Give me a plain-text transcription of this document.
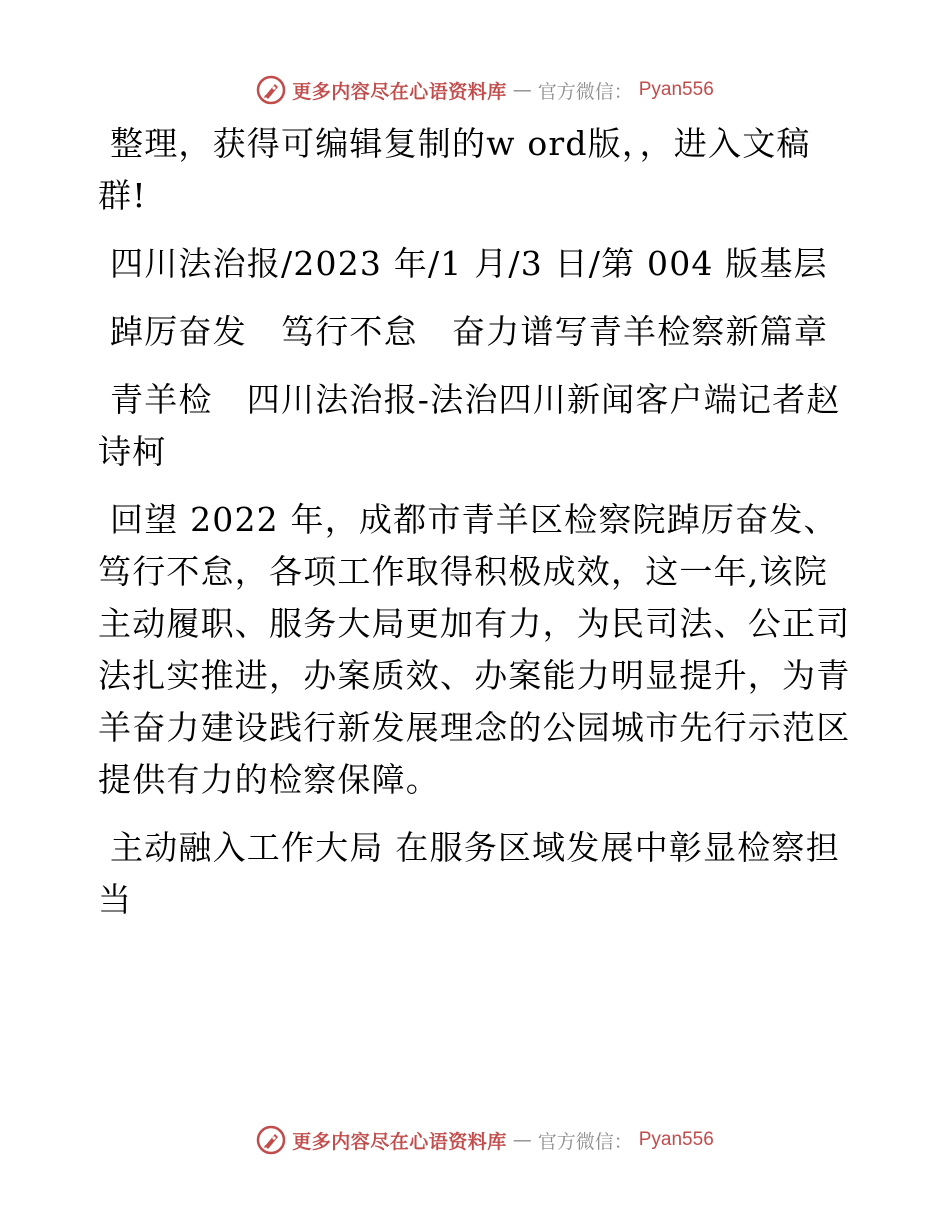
更多内容尽在心语资料库 — 官方微信： Pyan556

整理，获得可编辑复制的w ord版，，进入文稿群!

四川法治报/2023 年/1 月/3 日/第 004 版基层

踔厉奋发　笃行不怠　奋力谱写青羊检察新篇章

青羊检　四川法治报-法治四川新闻客户端记者赵诗柯

回望 2022 年，成都市青羊区检察院踔厉奋发、笃行不怠，各项工作取得积极成效，这一年,该院主动履职、服务大局更加有力，为民司法、公正司法扎实推进，办案质效、办案能力明显提升，为青羊奋力建设践行新发展理念的公园城市先行示范区提供有力的检察保障。

主动融入工作大局 在服务区域发展中彰显检察担当

更多内容尽在心语资料库 — 官方微信： Pyan556
